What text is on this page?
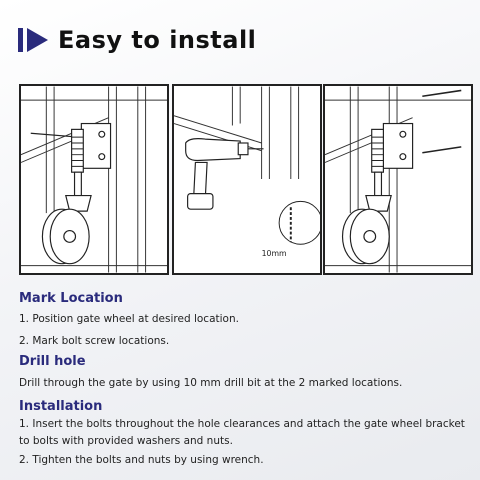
Easy to install
10mm
Mark Location
1. Position gate wheel at desired location.
2. Mark bolt screw locations.
Drill hole
Drill through the gate by using 10 mm drill bit at the 2 marked locations.
Installation
1. Insert the bolts throughout the hole clearances and attach the gate wheel bracket to bolts with provided washers and nuts.
2. Tighten the bolts and nuts by using wrench.
